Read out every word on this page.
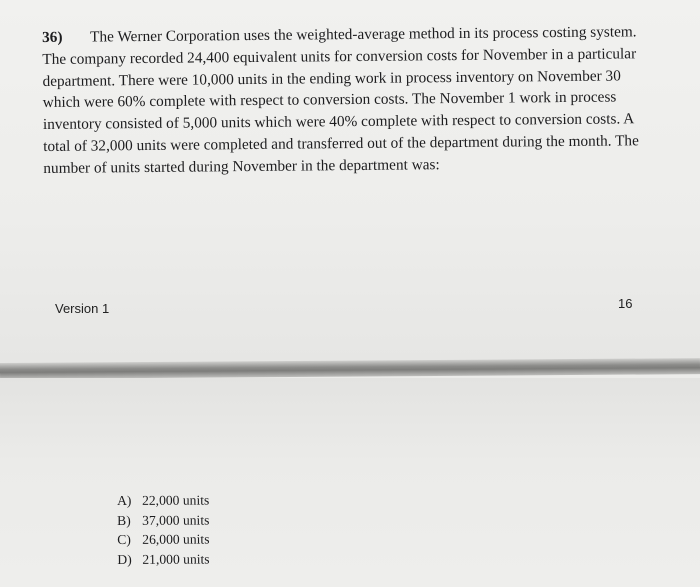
36) The Werner Corporation uses the weighted-average method in its process costing system.
The company recorded 24,400 equivalent units for conversion costs for November in a particular
department. There were 10,000 units in the ending work in process inventory on November 30
which were 60% complete with respect to conversion costs. The November 1 work in process
inventory consisted of 5,000 units which were 40% complete with respect to conversion costs. A
total of 32,000 units were completed and transferred out of the department during the month. The
number of units started during November in the department was:
Version 1	16
A) 22,000 units
B) 37,000 units
C) 26,000 units
D) 21,000 units
